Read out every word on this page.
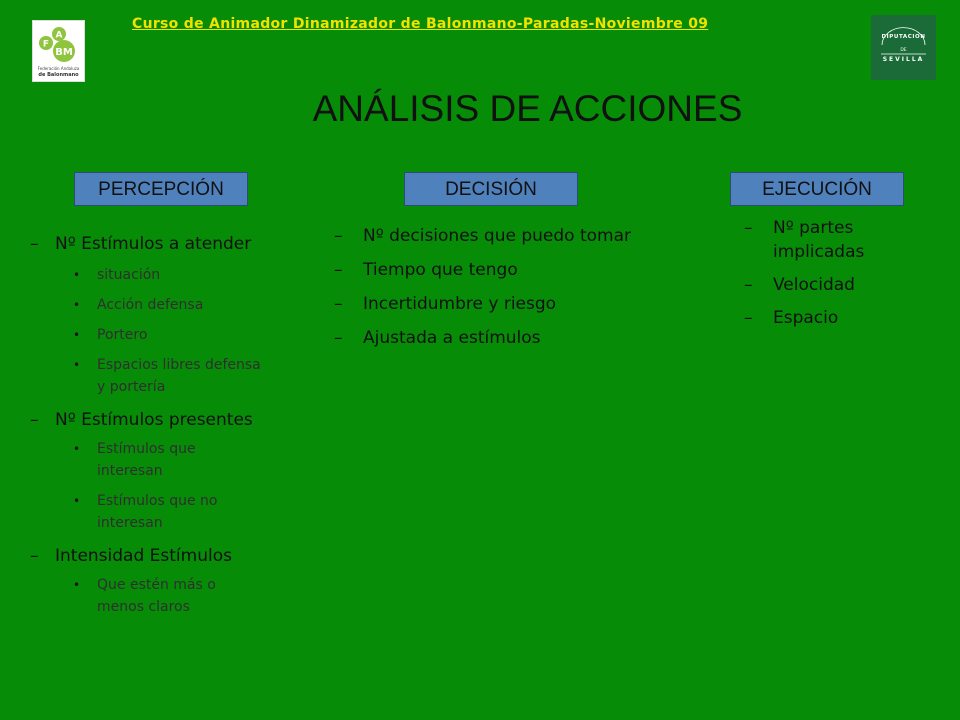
Curso de Animador Dinamizador de Balonmano-Paradas-Noviembre 09
A
F
BM
Federación Andaluza
de Balonmano
DIPUTACION
DE
SEVILLA
ANÁLISIS DE ACCIONES
PERCEPCIÓN	DECISIÓN	EJECUCIÓN
– Nº Estímulos a atender
• situación
• Acción defensa
• Portero
• Espacios libres defensa y portería
– Nº Estímulos presentes
• Estímulos que interesan
• Estímulos que no interesan
– Intensidad Estímulos
• Que estén más o menos claros
– Nº decisiones que puedo tomar
– Tiempo que tengo
– Incertidumbre y riesgo
– Ajustada a estímulos
– Nº partes implicadas
– Velocidad
– Espacio
